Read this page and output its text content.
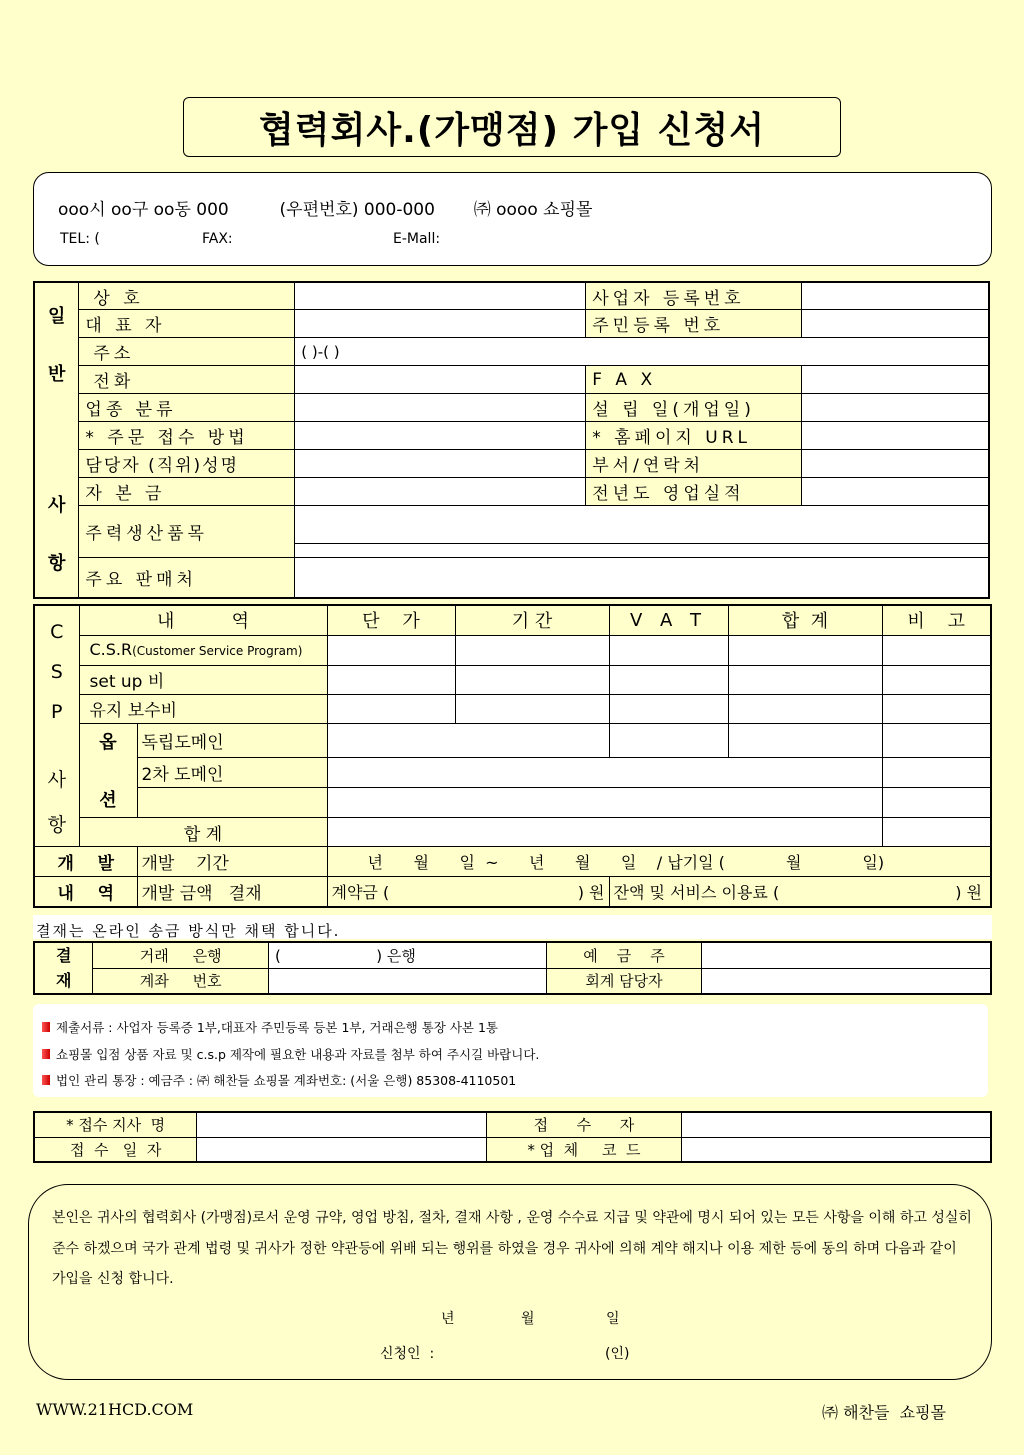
협력회사.(가맹점) 가입 신청서
ooo시 oo구 oo동 000	(우편번호) 000-000 ㈜ oooo 쇼핑몰
TEL: (	FAX:	E-Mall:
일
반
사
항	상 호		사업자 등록번호	
	대 표 자		주민등록 번호	
	주소	( )-( )		
	전화		F A X	
	업종 분류		설 립 일(개업일)	
	* 주문 접수 방법		* 홈페이지 URL	
	담당자 (직위)성명		부서/연락처	
	자 본 금		전년도 영업실적	
	주력생산품목			

	주요 판매처			
C
S
P
사
항	내          역		단    가	기 간	V A T	합  계	비    고
	C.S.R(Customer Service Program)						
	set up 비						
	유지 보수비						

	옵
션	독립도메인					
		2차 도메인					

	합 계						
개    발		개발    기간	년      월      일  ~      년      월      일    / 납기일 (            월            일)				
내    역		개발 금액   결재	계약금 ( ) 원		잔액 및 서비스 이용료 ( ) 원		
결재는 온라인 송금 방식만 채택 합니다.
결
재	거래     은행	(                    ) 은행	예    금    주	
	계좌     번호		회계 담당자	
제출서류 : 사업자 등록증 1부,대표자 주민등록 등본 1부, 거래은행 통장 사본 1통
쇼핑몰 입점 상품 자료 및 c.s.p 제작에 필요한 내용과 자료를 첨부 하여 주시길 바랍니다.
법인 관리 통장 : 예금주 : ㈜ 해찬들 쇼핑몰 계좌번호: (서울 은행) 85308-4110501
* 접수 지사  명		접      수      자	
접  수   일  자		* 업  체     코  드	
본인은 귀사의 협력회사 (가맹점)로서 운영 규약, 영업 방침, 절차, 결재 사항 , 운영 수수료 지급 및 약관에 명시 되어 있는 모든 사항을 이해 하고 성실히 준수 하겠으며 국가 관계 법령 및 귀사가 정한 약관등에 위배 되는 행위를 하였을 경우 귀사에 의해 계약 해지나 이용 제한 등에 동의 하며 다음과 같이 가입을 신청 합니다.
년	월	일
신청인  :	(인)
WWW.21HCD.COM	㈜ 해찬들  쇼핑몰
